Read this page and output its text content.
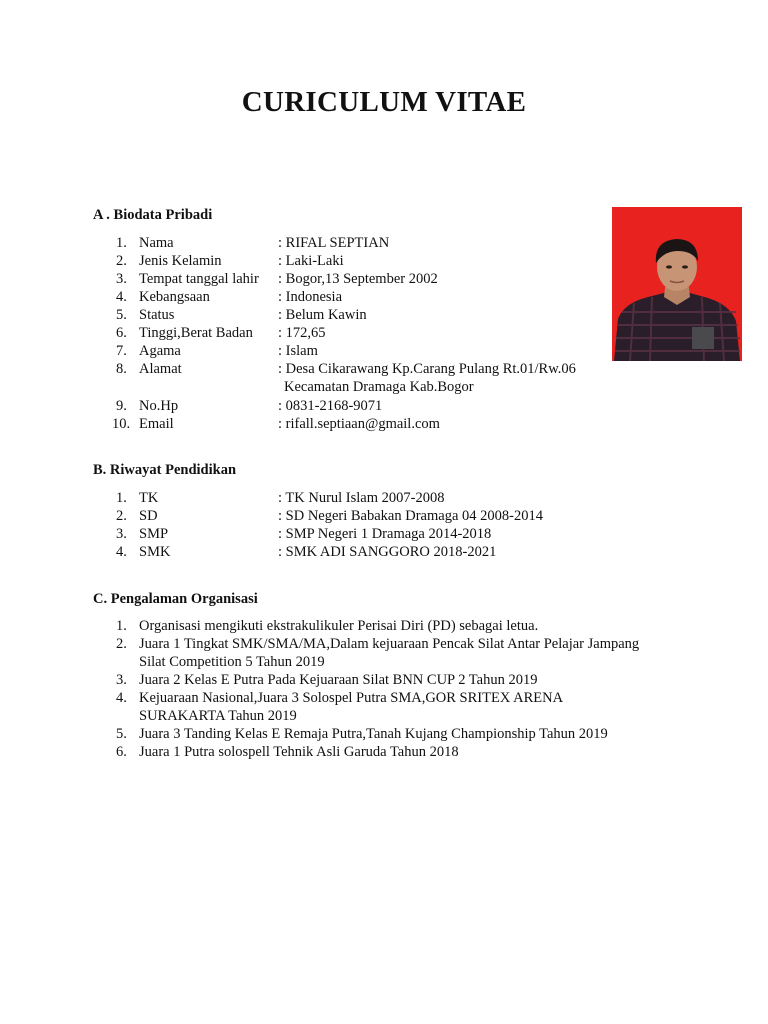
CURICULUM VITAE
A . Biodata Pribadi
1. Nama	: RIFAL SEPTIAN
2. Jenis Kelamin	: Laki-Laki
3. Tempat tanggal lahir : Bogor,13 September 2002
4. Kebangsaan	: Indonesia
5. Status	: Belum Kawin
6. Tinggi,Berat Badan : 172,65
7. Agama	: Islam
8. Alamat	: Desa Cikarawang Kp.Carang Pulang Rt.01/Rw.06
Kecamatan Dramaga Kab.Bogor
9. No.Hp	: 0831-2168-9071
10. Email	: rifall.septiaan@gmail.com
B. Riwayat Pendidikan
1. TK	: TK Nurul Islam 2007-2008
2. SD	: SD Negeri Babakan Dramaga 04 2008-2014
3. SMP	: SMP Negeri 1 Dramaga 2014-2018
4. SMK	: SMK ADI SANGGORO 2018-2021
C. Pengalaman Organisasi
1. Organisasi mengikuti ekstrakulikuler Perisai Diri (PD) sebagai letua.
2. Juara 1 Tingkat SMK/SMA/MA,Dalam kejuaraan Pencak Silat Antar Pelajar Jampang
Silat Competition 5 Tahun 2019
3. Juara 2 Kelas E Putra Pada Kejuaraan Silat BNN CUP 2 Tahun 2019
4. Kejuaraan Nasional,Juara 3 Solospel Putra SMA,GOR SRITEX ARENA
SURAKARTA Tahun 2019
5. Juara 3 Tanding Kelas E Remaja Putra,Tanah Kujang Championship Tahun 2019
6. Juara 1 Putra solospell Tehnik Asli Garuda Tahun 2018
